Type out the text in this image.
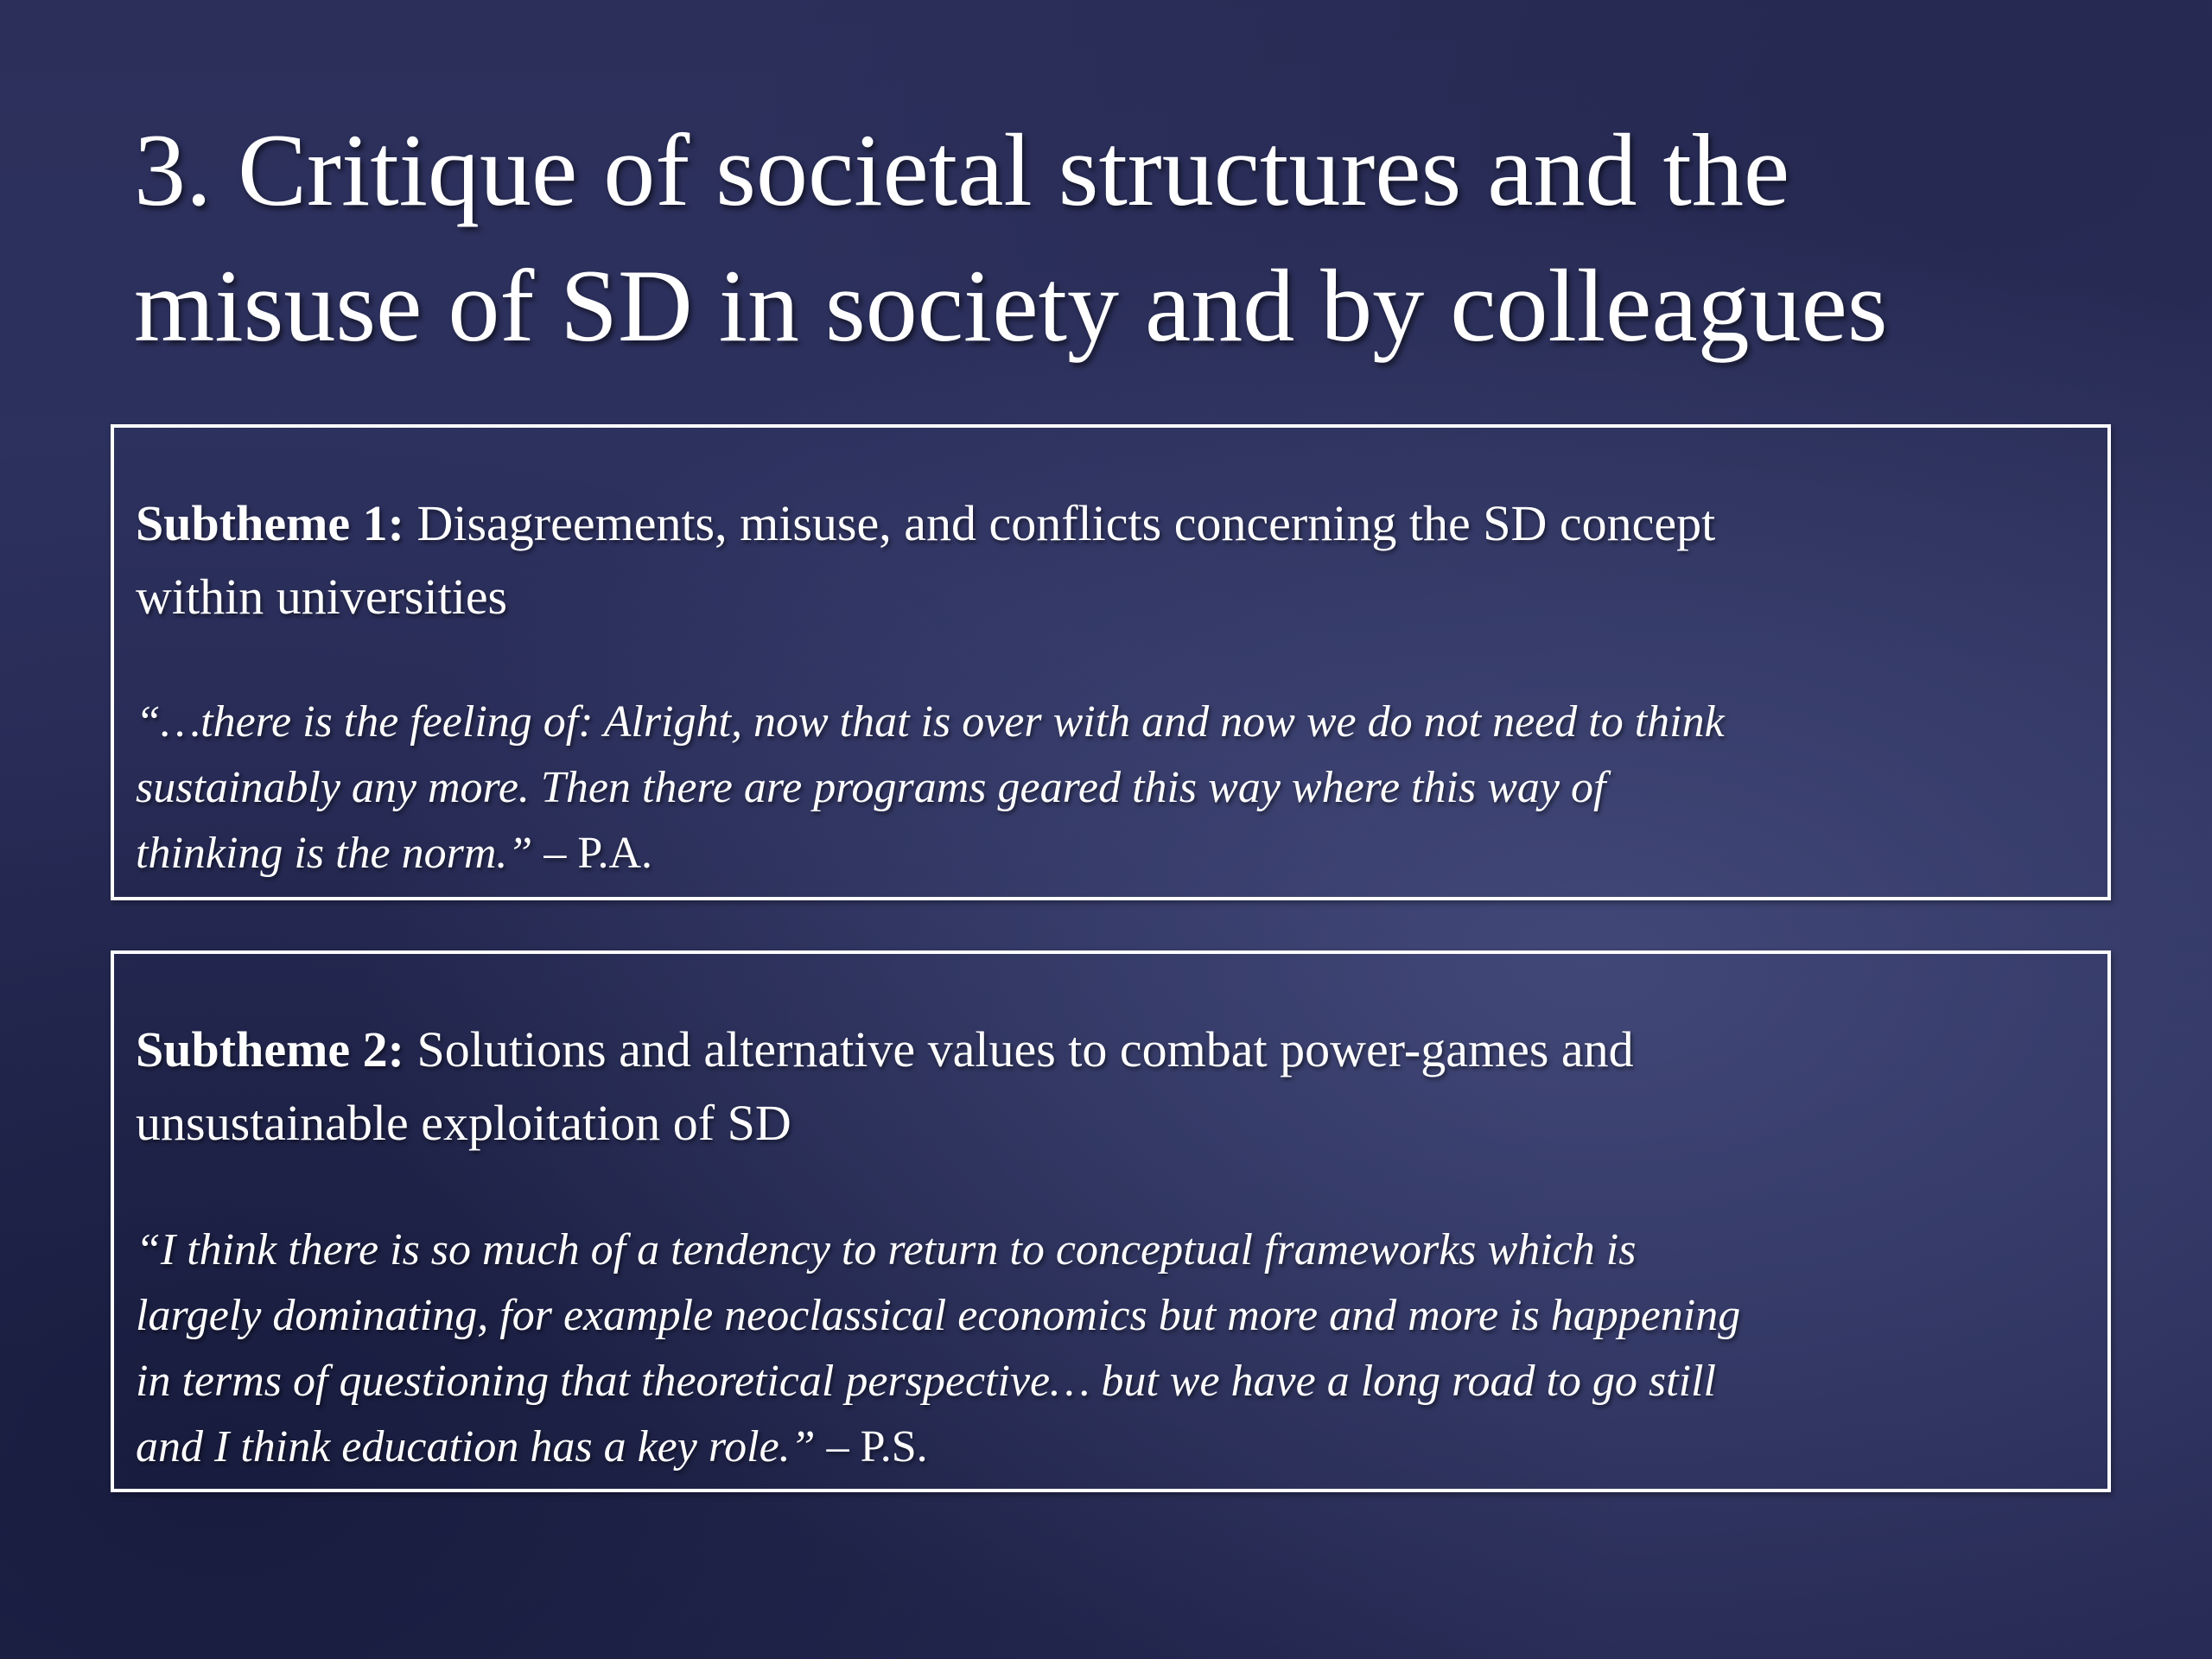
3. Critique of societal structures and the
misuse of SD in society and by colleagues

Subtheme 1: Disagreements, misuse, and conflicts concerning the SD concept
within universities

“…there is the feeling of: Alright, now that is over with and now we do not need to think
sustainably any more. Then there are programs geared this way where this way of
thinking is the norm.” – P.A.

Subtheme 2: Solutions and alternative values to combat power-games and
unsustainable exploitation of SD

“I think there is so much of a tendency to return to conceptual frameworks which is
largely dominating, for example neoclassical economics but more and more is happening
in terms of questioning that theoretical perspective… but we have a long road to go still
and I think education has a key role.” – P.S.
